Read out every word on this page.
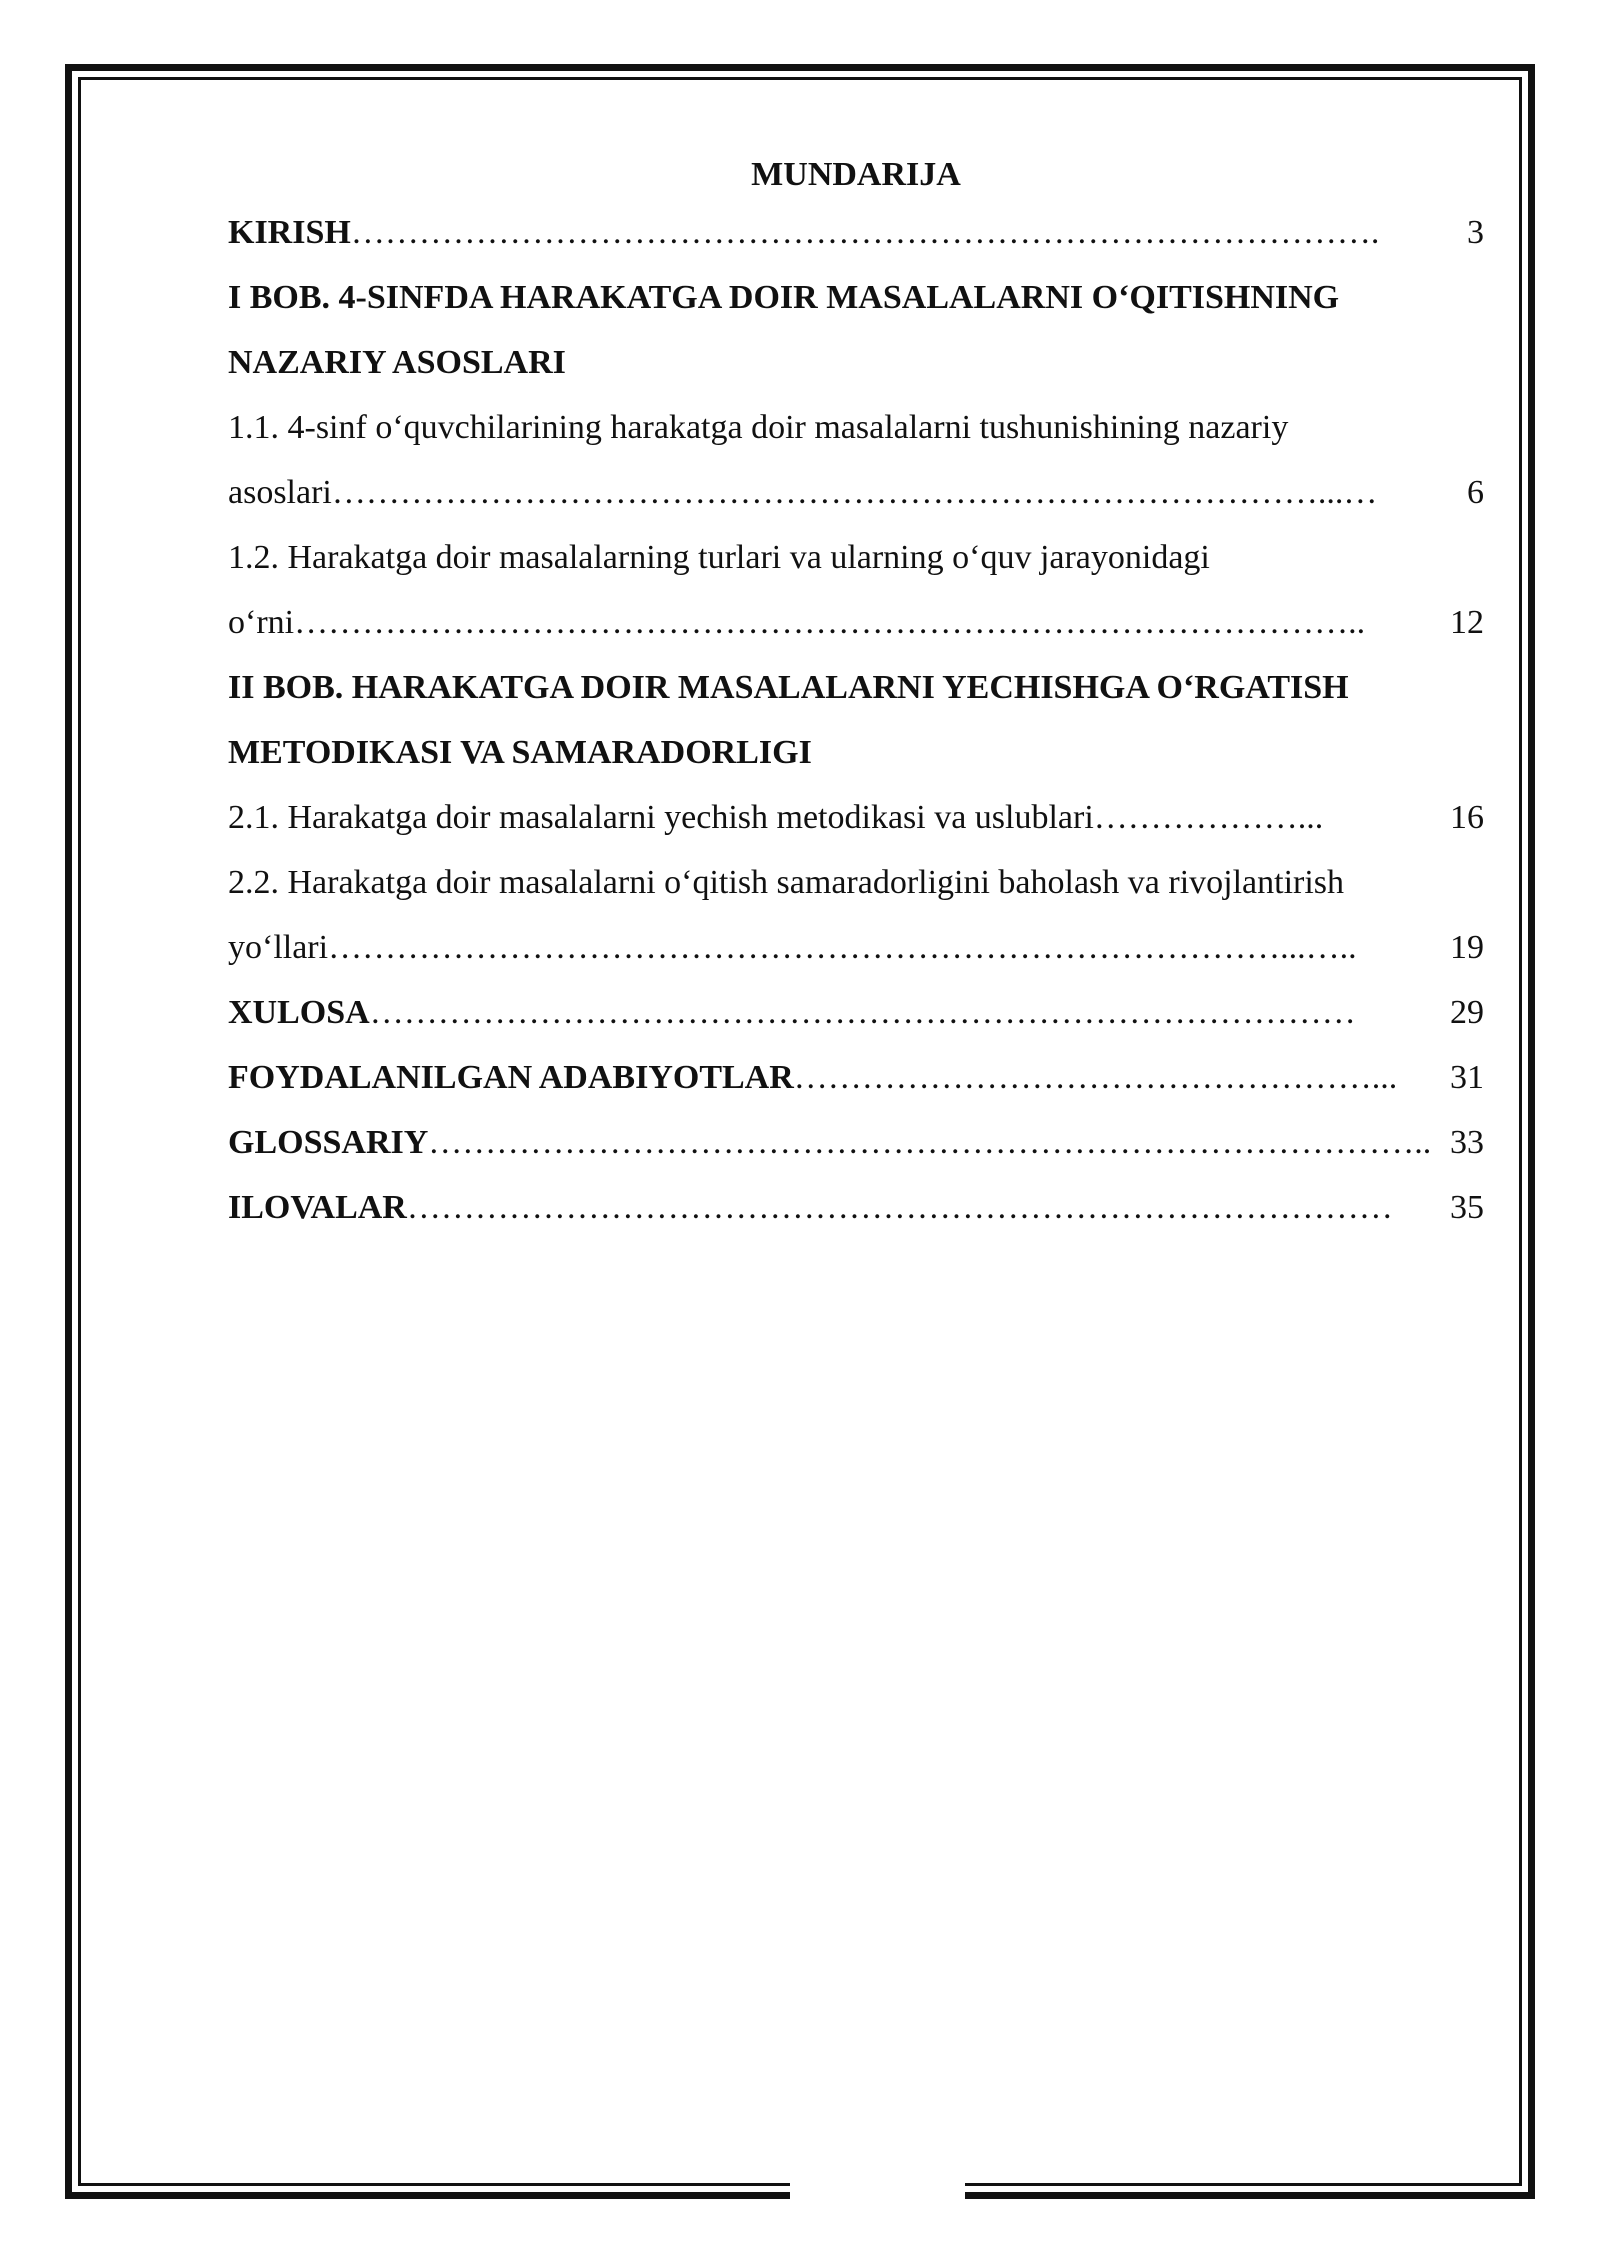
MUNDARIJA

KIRISH ……………………………………………………………………………….	3
I BOB. 4-SINFDA HARAKATGA DOIR MASALALARNI O‘QITISHNING
NAZARIY ASOSLARI
1.1. 4-sinf o‘quvchilarining harakatga doir masalalarni tushunishining nazariy
asoslari ……………………………………………………………………………...…	6
1.2. Harakatga doir masalalarning turlari va ularning o‘quv jarayonidagi
o‘rni …………………………………………………………………………………..	12
II BOB. HARAKATGA DOIR MASALALARNI YECHISHGA O‘RGATISH
METODIKASI VA SAMARADORLIGI
2.1. Harakatga doir masalalarni yechish metodikasi va uslublari ………………...	16
2.2. Harakatga doir masalalarni o‘qitish samaradorligini baholash va rivojlantirish
yo‘llari …………………………………………………………………………...…..	19
XULOSA ……………………………………………………………………………	29
FOYDALANILGAN ADABIYOTLAR ……………………………………………...	31
GLOSSARIY …………………………………………………………………………….. 33
ILOVALAR ……………………………………………………………………………	35
